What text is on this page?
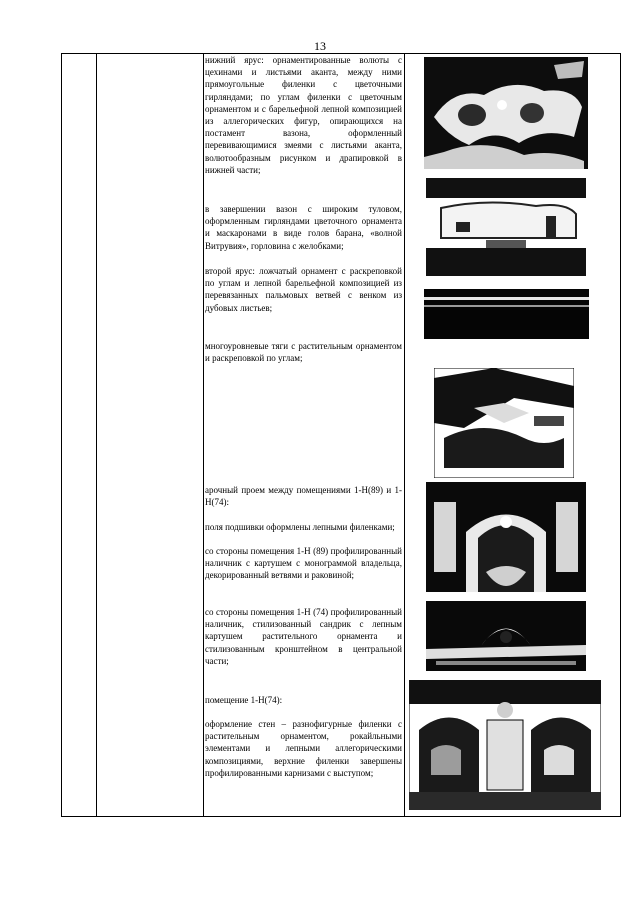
13
нижний ярус: орнаментированные волюты с цехинами и листьями аканта, между ними прямоугольные филенки с цветочными гирляндами; по углам филенки с цветочным орнаментом и с барельефной лепной композицией из аллегорических фигур, опирающихся на постамент вазона, оформленный перевивающимися змеями с листьями аканта, волютообразным рисунком и драпировкой в нижней части;
в завершении вазон с широким туловом, оформленным гирляндами цветочного орнамента и маскаронами в виде голов барана, «волной Витрувия», горловина с желобками;
второй ярус: ложчатый орнамент с раскреповкой по углам и лепной барельефной композицией из перевязанных пальмовых ветвей с венком из дубовых листьев;
многоуровневые тяги с растительным орнаментом и раскреповкой по углам;
арочный проем между помещениями 1-Н(89) и 1-Н(74):
поля подшивки оформлены лепными филенками;
со стороны помещения 1-Н (89) профилированный наличник с картушем с монограммой владельца, декорированный ветвями и раковиной;
со стороны помещения 1-Н (74) профилированный наличник, стилизованный сандрик с лепным картушем растительного орнамента и стилизованным кронштейном в центральной части;
помещение 1-Н(74):
оформление стен – разнофигурные филенки с растительным орнаментом, рокайльными элементами и лепными аллегорическими композициями, верхние филенки завершены профилированными карнизами с выступом;
